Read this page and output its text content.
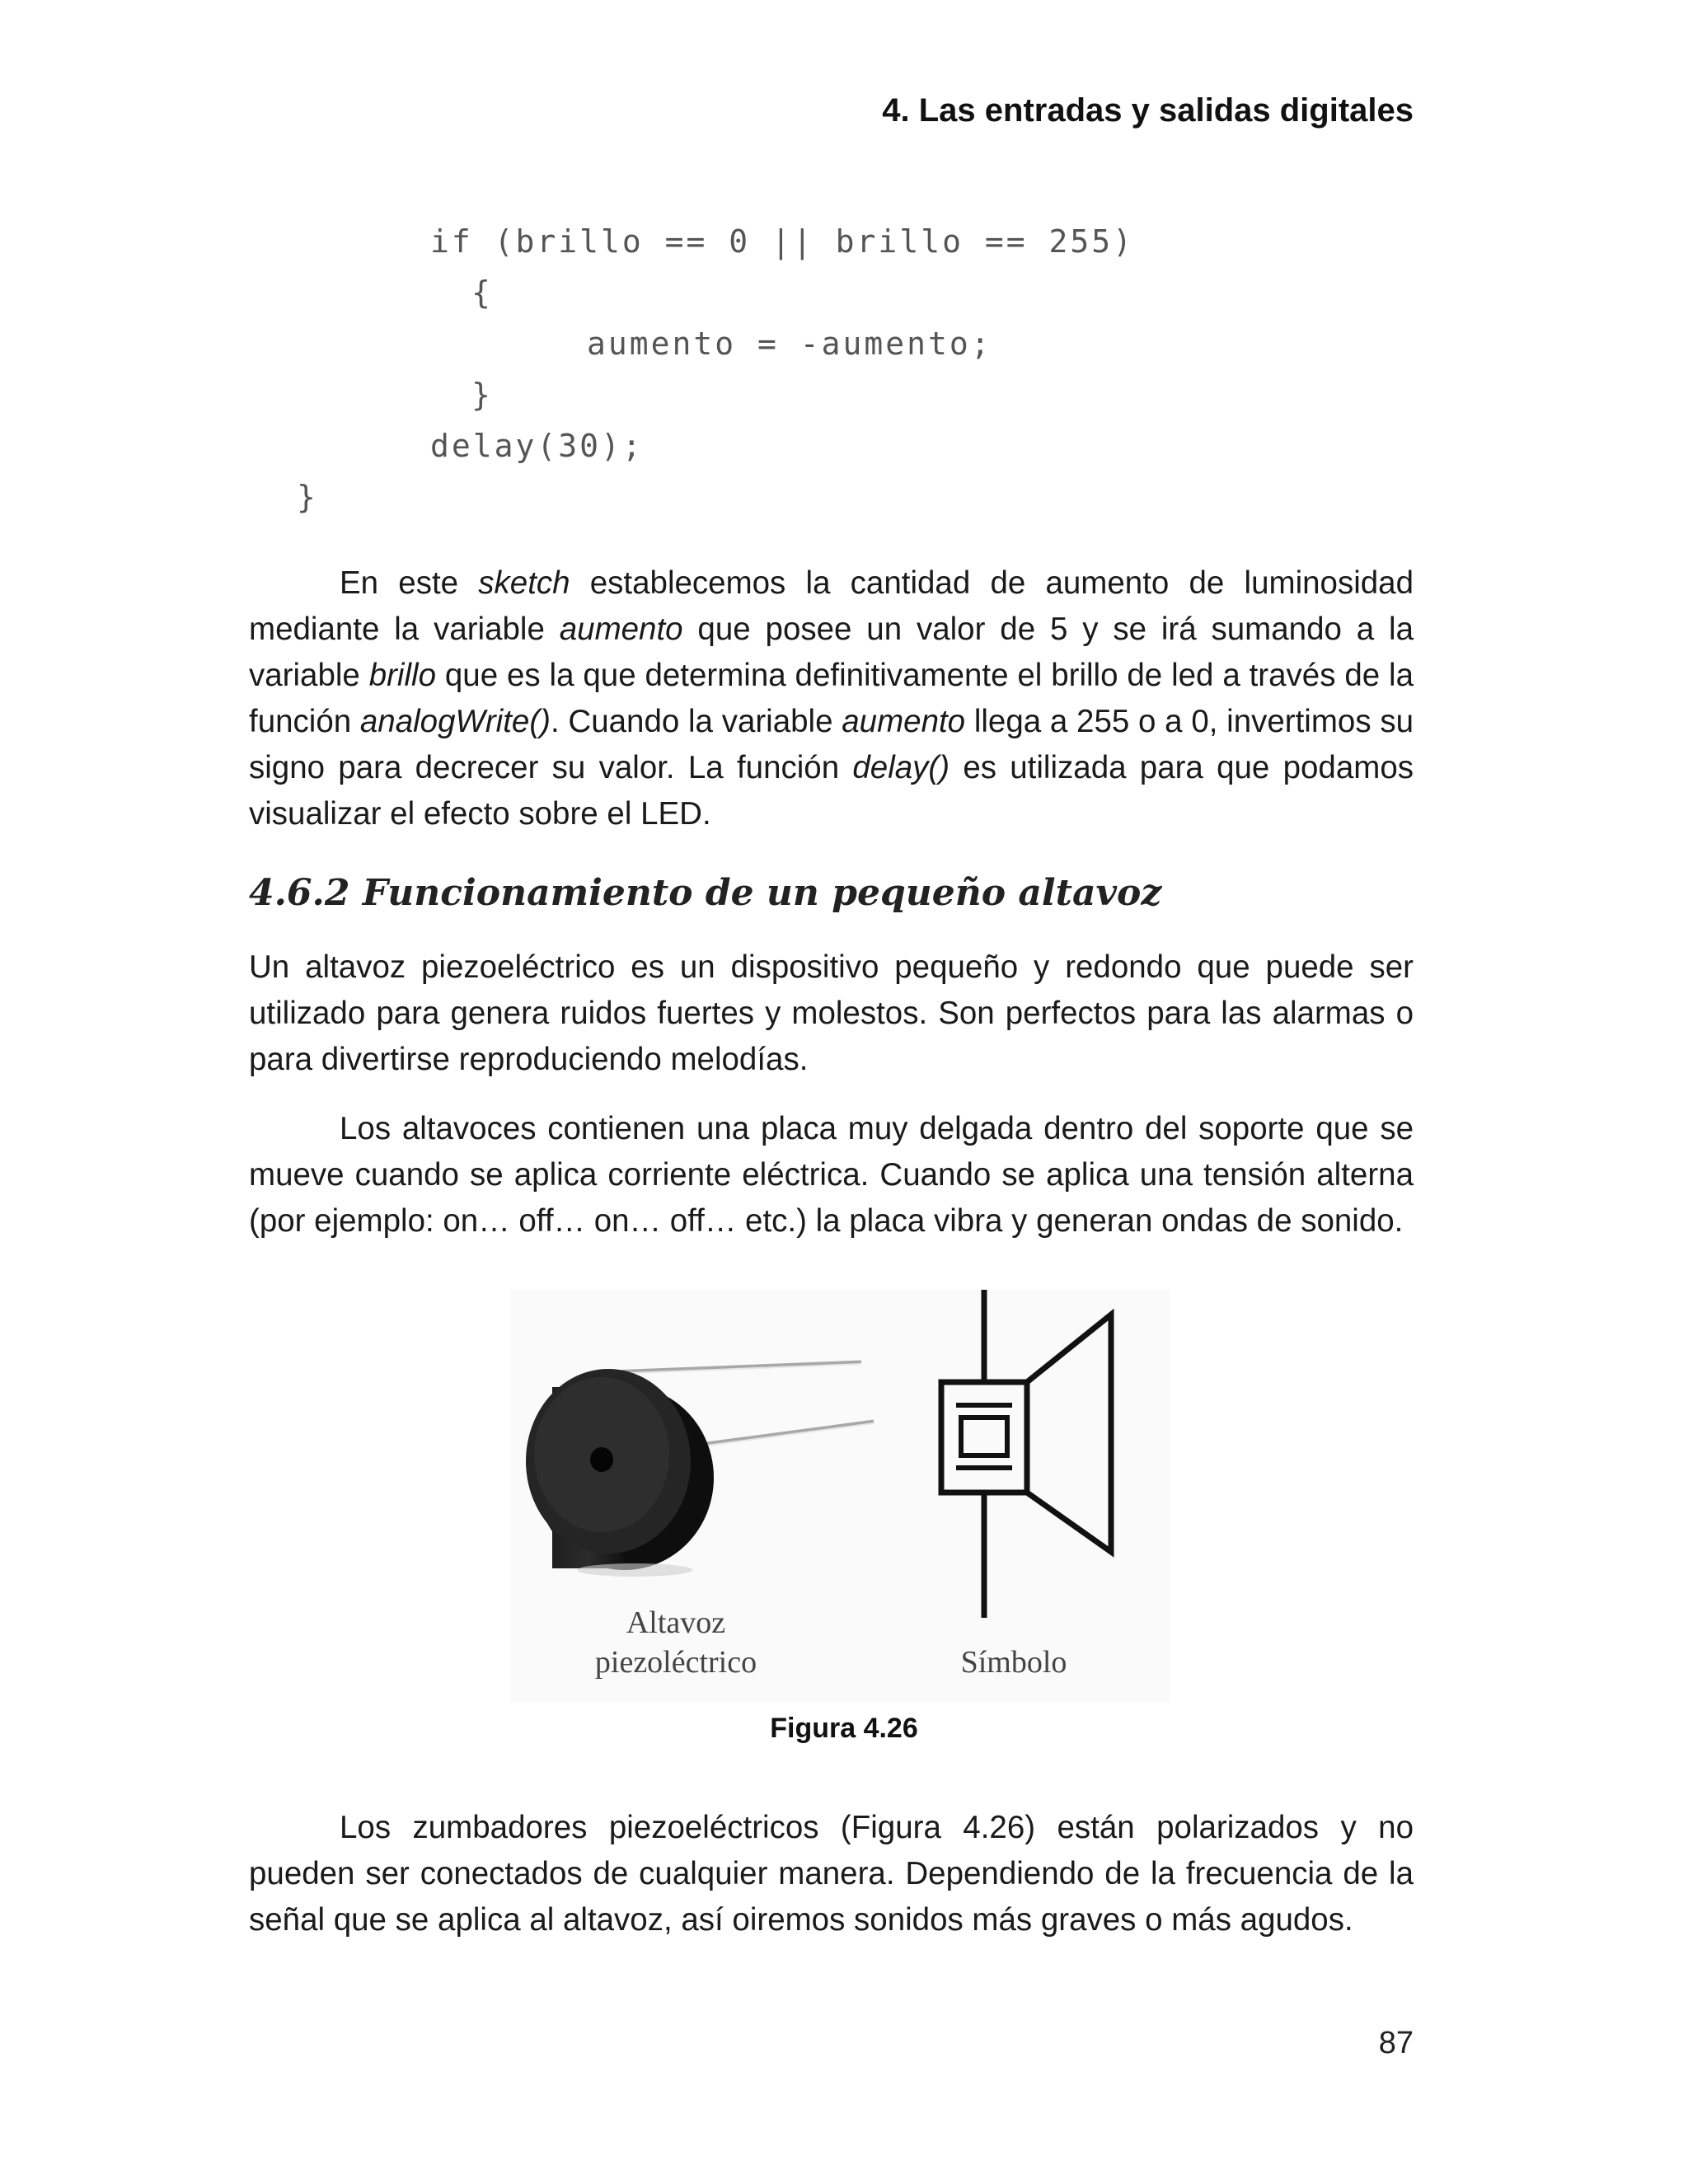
4. Las entradas y salidas digitales
if (brillo == 0 || brillo == 255)
{
aumento = -aumento;
}
delay(30);
}

En este sketch establecemos la cantidad de aumento de luminosidad mediante la variable aumento que posee un valor de 5 y se irá sumando a la variable brillo que es la que determina definitivamente el brillo de led a través de la función analogWrite(). Cuando la variable aumento llega a 255 o a 0, invertimos su signo para decrecer su valor. La función delay() es utilizada para que podamos visualizar el efecto sobre el LED.

4.6.2 Funcionamiento de un pequeño altavoz

Un altavoz piezoeléctrico es un dispositivo pequeño y redondo que puede ser utilizado para genera ruidos fuertes y molestos. Son perfectos para las alarmas o para divertirse reproduciendo melodías.

Los altavoces contienen una placa muy delgada dentro del soporte que se mueve cuando se aplica corriente eléctrica. Cuando se aplica una tensión alterna (por ejemplo: on… off… on… off… etc.) la placa vibra y generan ondas de sonido.

Altavoz
piezoléctrico	Símbolo
Figura 4.26

Los zumbadores piezoeléctricos (Figura 4.26) están polarizados y no pueden ser conectados de cualquier manera. Dependiendo de la frecuencia de la señal que se aplica al altavoz, así oiremos sonidos más graves o más agudos.

87
